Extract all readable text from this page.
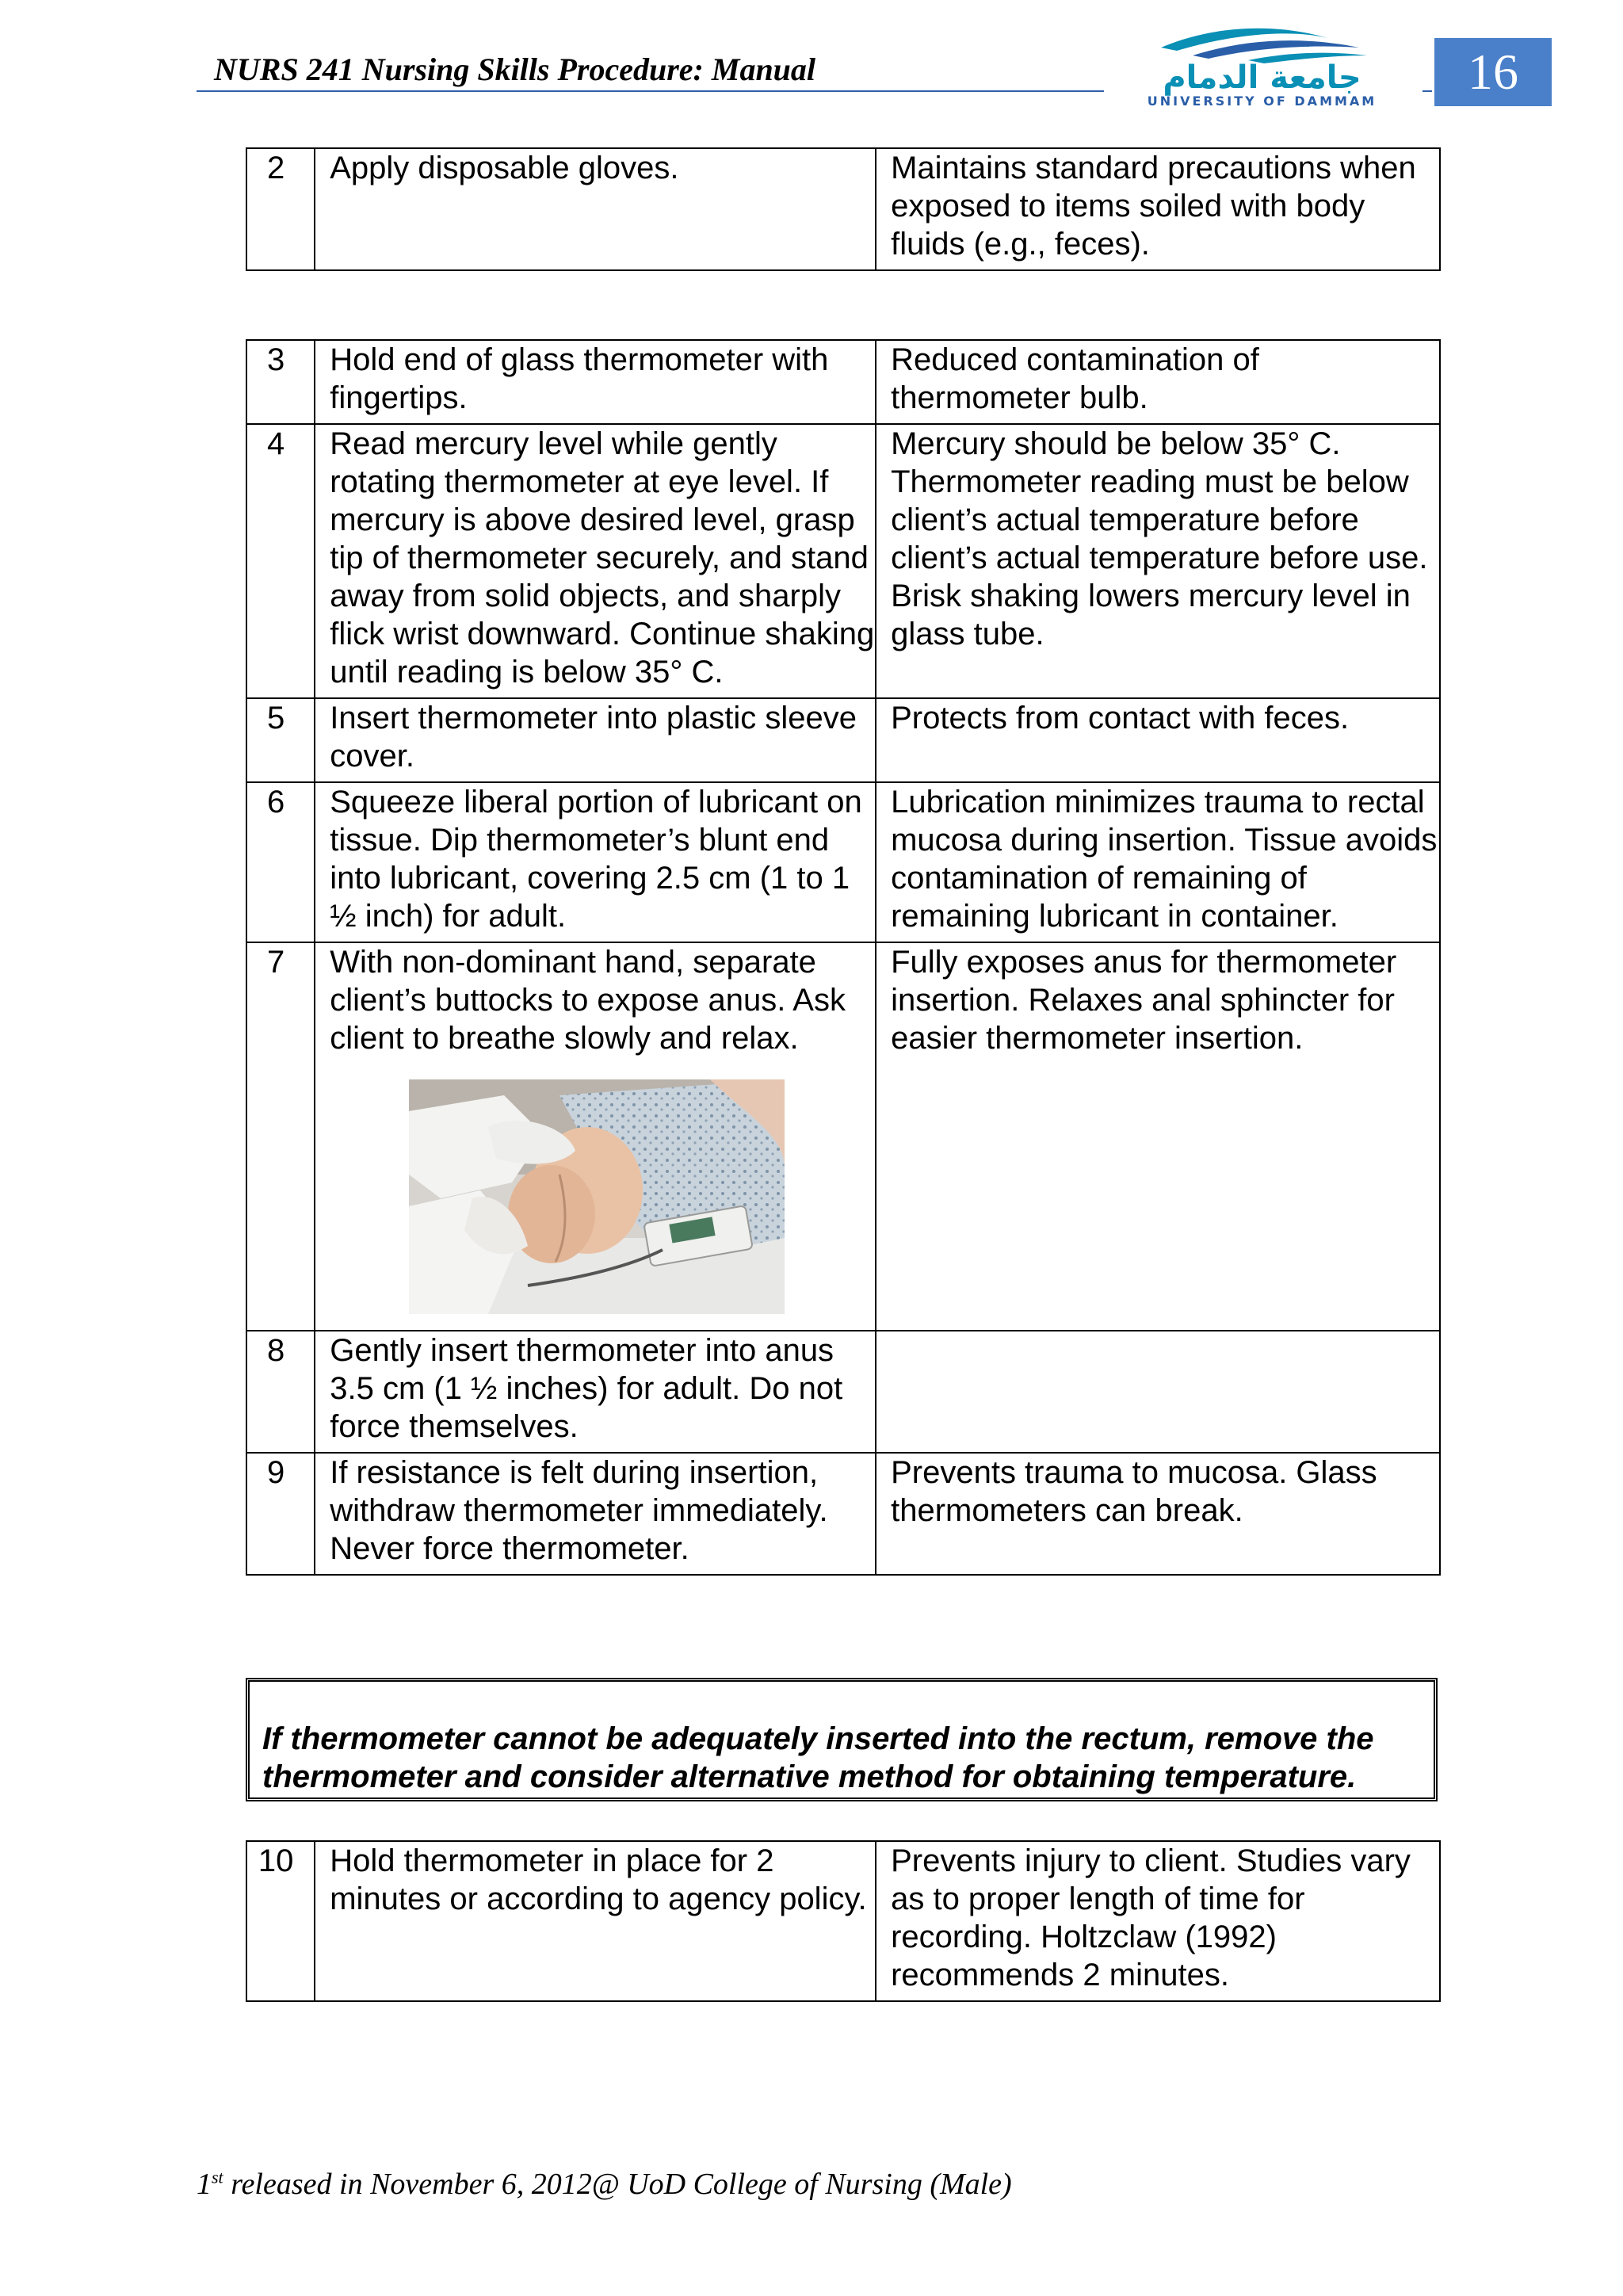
NURS 241 Nursing Skills Procedure: Manual	جامعة الدمام
UNIVERSITY OF DAMMAM
16
2	Apply disposable gloves.	Maintains standard precautions when exposed to items soiled with body fluids (e.g., feces).
3	Hold end of glass thermometer with fingertips.	Reduced contamination of thermometer bulb.
4	Read mercury level while gently rotating thermometer at eye level. If mercury is above desired level, grasp tip of thermometer securely, and stand away from solid objects, and sharply flick wrist downward. Continue shaking until reading is below 35° C.	Mercury should be below 35° C. Thermometer reading must be below client’s actual temperature before client’s actual temperature before use. Brisk shaking lowers mercury level in glass tube.
5	Insert thermometer into plastic sleeve cover.	Protects from contact with feces.
6	Squeeze liberal portion of lubricant on tissue. Dip thermometer’s blunt end into lubricant, covering 2.5 cm (1 to 1 ½ inch) for adult.	Lubrication minimizes trauma to rectal mucosa during insertion. Tissue avoids contamination of remaining of remaining lubricant in container.
7	With non-dominant hand, separate client’s buttocks to expose anus. Ask client to breathe slowly and relax.	Fully exposes anus for thermometer insertion. Relaxes anal sphincter for easier thermometer insertion.
8	Gently insert thermometer into anus 3.5 cm (1 ½ inches) for adult. Do not force themselves.	
9	If resistance is felt during insertion, withdraw thermometer immediately. Never force thermometer.	Prevents trauma to mucosa. Glass thermometers can break.
If thermometer cannot be adequately inserted into the rectum, remove the thermometer and consider alternative method for obtaining temperature.
10	Hold thermometer in place for 2 minutes or according to agency policy.	Prevents injury to client. Studies vary as to proper length of time for recording. Holtzclaw (1992) recommends 2 minutes.
1st released in November 6, 2012@ UoD College of Nursing (Male)
